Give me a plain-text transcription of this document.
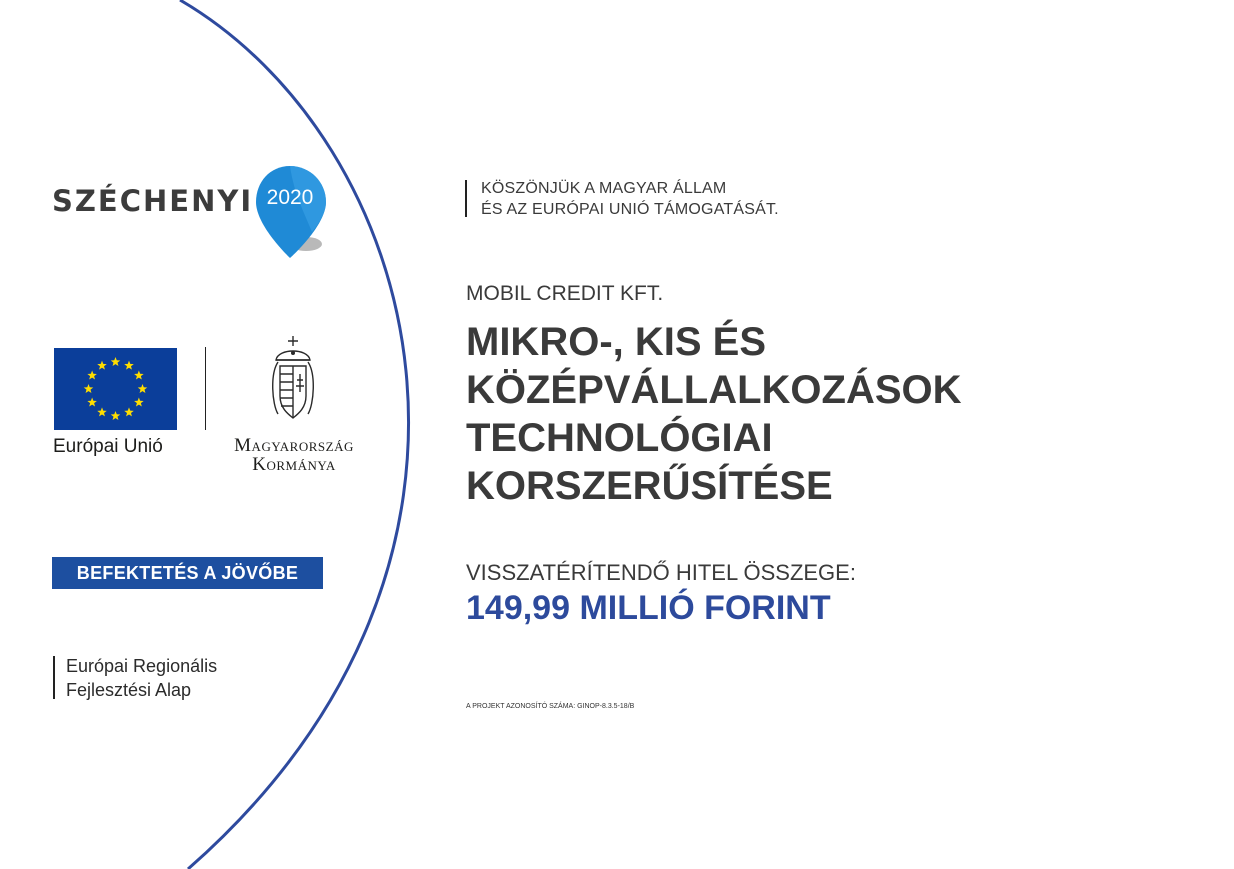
SZÉCHENYI 2020
Európai Unió	Magyarország
Kormánya
BEFEKTETÉS A JÖVŐBE
Európai Regionális
Fejlesztési Alap
KÖSZÖNJÜK A MAGYAR ÁLLAM
ÉS AZ EURÓPAI UNIÓ TÁMOGATÁSÁT.
MOBIL CREDIT KFT.
MIKRO-, KIS ÉS
KÖZÉPVÁLLALKOZÁSOK
TECHNOLÓGIAI
KORSZERŰSÍTÉSE
VISSZATÉRÍTENDŐ HITEL ÖSSZEGE:
149,99 MILLIÓ FORINT
A PROJEKT AZONOSÍTÓ SZÁMA: GINOP-8.3.5-18/B
